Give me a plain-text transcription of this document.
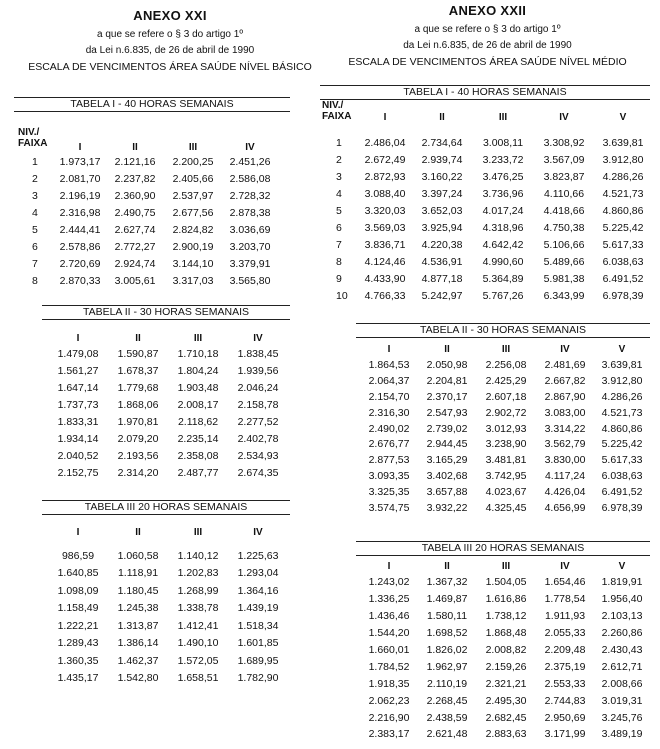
ANEXO XXI
a que se refere o § 3 do artigo 1º
da Lei n.6.835, de 26 de abril de 1990
ESCALA DE VENCIMENTOS ÁREA SAÚDE NÍVEL BÁSICO
TABELA I - 40 HORAS SEMANAIS
NIV./
FAIXA	I	II	III	IV
1	1.973,17	2.121,16	2.200,25	2.451,26
2	2.081,70	2.237,82	2.405,66	2.586,08
3	2.196,19	2.360,90	2.537,97	2.728,32
4	2.316,98	2.490,75	2.677,56	2.878,38
5	2.444,41	2.627,74	2.824,82	3.036,69
6	2.578,86	2.772,27	2.900,19	3.203,70
7	2.720,69	2.924,74	3.144,10	3.379,91
8	2.870,33	3.005,61	3.317,03	3.565,80
TABELA II - 30 HORAS SEMANAIS
I	II	III	IV
1.479,08	1.590,87	1.710,18	1.838,45
1.561,27	1.678,37	1.804,24	1.939,56
1.647,14	1.779,68	1.903,48	2.046,24
1.737,73	1.868,06	2.008,17	2.158,78
1.833,31	1.970,81	2.118,62	2.277,52
1.934,14	2.079,20	2.235,14	2.402,78
2.040,52	2.193,56	2.358,08	2.534,93
2.152,75	2.314,20	2.487,77	2.674,35
TABELA III 20 HORAS SEMANAIS
I	II	III	IV
986,59	1.060,58	1.140,12	1.225,63
1.640,85	1.118,91	1.202,83	1.293,04
1.098,09	1.180,45	1.268,99	1.364,16
1.158,49	1.245,38	1.338,78	1.439,19
1.222,21	1.313,87	1.412,41	1.518,34
1.289,43	1.386,14	1.490,10	1.601,85
1.360,35	1.462,37	1.572,05	1.689,95
1.435,17	1.542,80	1.658,51	1.782,90
ANEXO XXII
a que se refere o § 3 do artigo 1º
da Lei n.6.835, de 26 de abril de 1990
ESCALA DE VENCIMENTOS ÁREA SAÚDE NÍVEL MÉDIO
TABELA I - 40 HORAS SEMANAIS
NIV./
FAIXA	I	II	III	IV	V
1	2.486,04	2.734,64	3.008,11	3.308,92	3.639,81
2	2.672,49	2.939,74	3.233,72	3.567,09	3.912,80
3	2.872,93	3.160,22	3.476,25	3.823,87	4.286,26
4	3.088,40	3.397,24	3.736,96	4.110,66	4.521,73
5	3.320,03	3.652,03	4.017,24	4.418,66	4.860,86
6	3.569,03	3.925,94	4.318,96	4.750,38	5.225,42
7	3.836,71	4.220,38	4.642,42	5.106,66	5.617,33
8	4.124,46	4.536,91	4.990,60	5.489,66	6.038,63
9	4.433,90	4.877,18	5.364,89	5.981,38	6.491,52
10	4.766,33	5.242,97	5.767,26	6.343,99	6.978,39
TABELA II - 30 HORAS SEMANAIS
I	II	III	IV	V
1.864,53	2.050,98	2.256,08	2.481,69	3.639,81
2.064,37	2.204,81	2.425,29	2.667,82	3.912,80
2.154,70	2.370,17	2.607,18	2.867,90	4.286,26
2.316,30	2.547,93	2.902,72	3.083,00	4.521,73
2.490,02	2.739,02	3.012,93	3.314,22	4.860,86
2.676,77	2.944,45	3.238,90	3.562,79	5.225,42
2.877,53	3.165,29	3.481,81	3.830,00	5.617,33
3.093,35	3.402,68	3.742,95	4.117,24	6.038,63
3.325,35	3.657,88	4.023,67	4.426,04	6.491,52
3.574,75	3.932,22	4.325,45	4.656,99	6.978,39
TABELA III 20 HORAS SEMANAIS
I	II	III	IV	V
1.243,02	1.367,32	1.504,05	1.654,46	1.819,91
1.336,25	1.469,87	1.616,86	1.778,54	1.956,40
1.436,46	1.580,11	1.738,12	1.911,93	2.103,13
1.544,20	1.698,52	1.868,48	2.055,33	2.260,86
1.660,01	1.826,02	2.008,82	2.209,48	2.430,43
1.784,52	1.962,97	2.159,26	2.375,19	2.612,71
1.918,35	2.110,19	2.321,21	2.553,33	2.008,66
2.062,23	2.268,45	2.495,30	2.744,83	3.019,31
2.216,90	2.438,59	2.682,45	2.950,69	3.245,76
2.383,17	2.621,48	2.883,63	3.171,99	3.489,19
